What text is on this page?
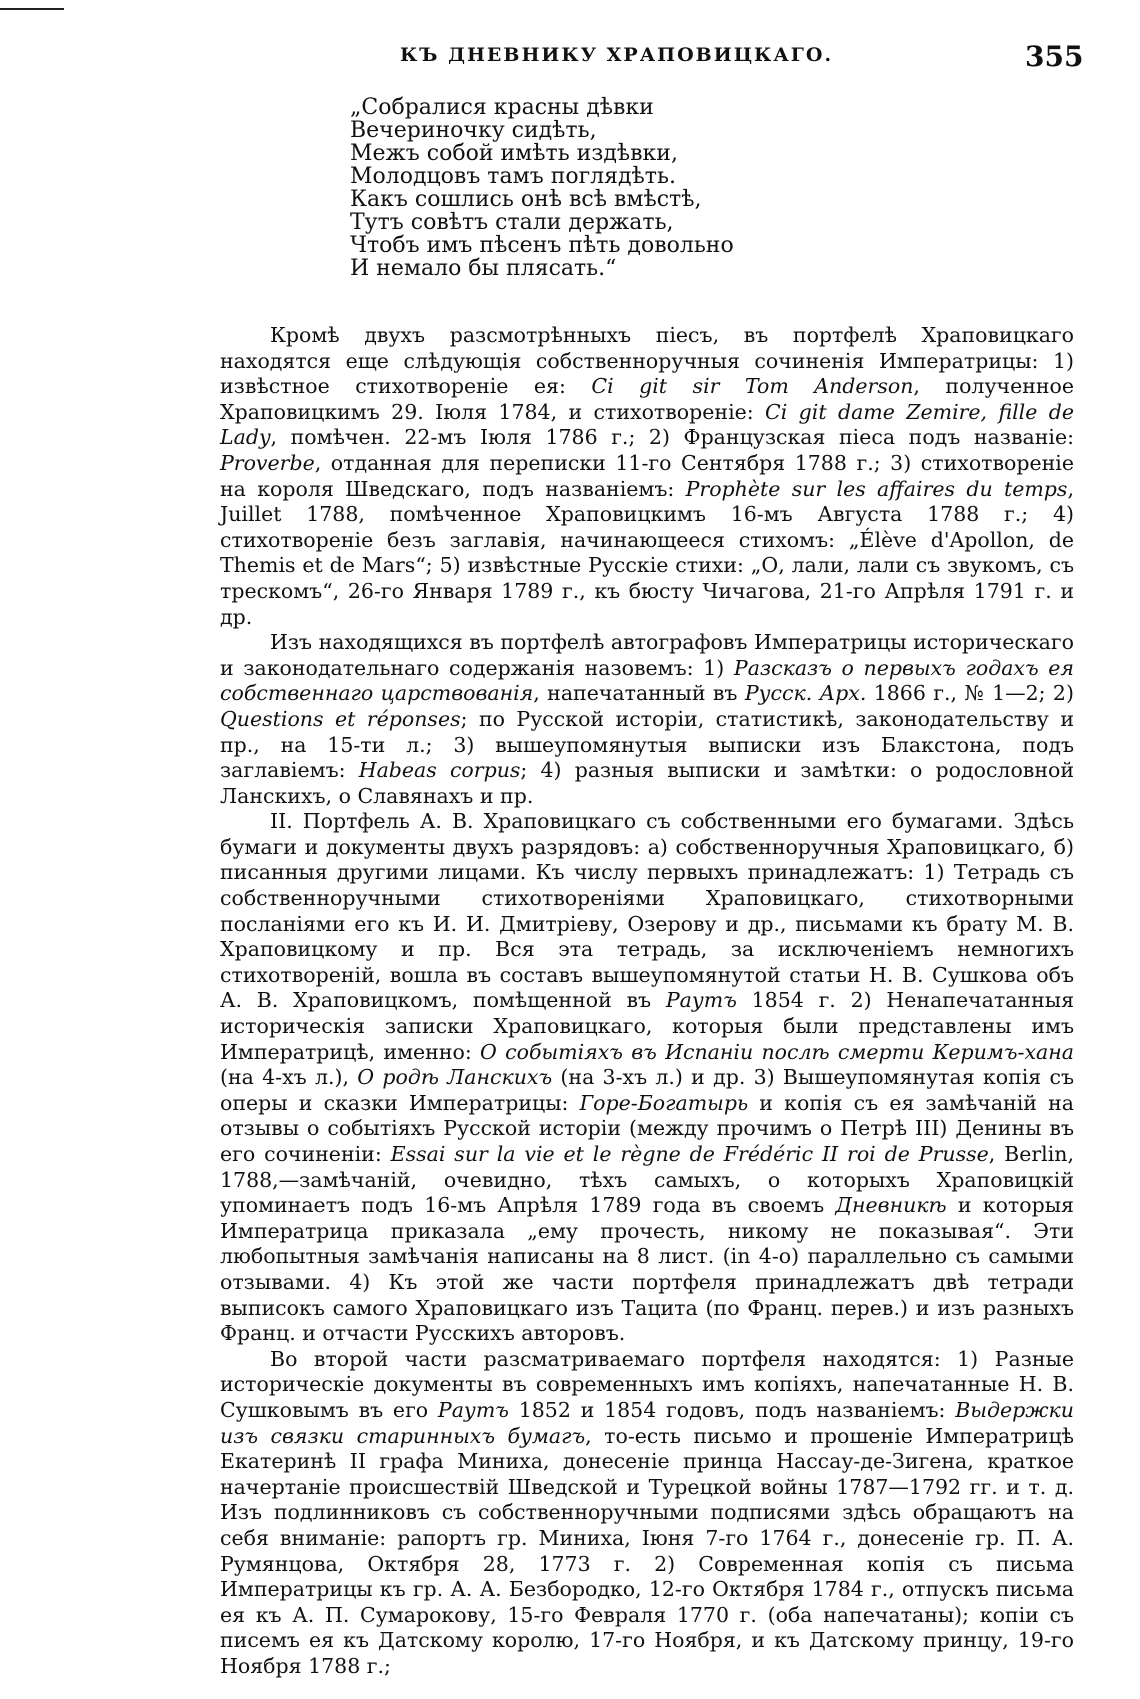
КЪ ДНЕВНИКУ ХРАПОВИЦКАГО.	355
„Собралися красны дѣвки
Вечериночку сидѣть,
Межъ собой имѣть издѣвки,
Молодцовъ тамъ поглядѣть.
Какъ сошлись онѣ всѣ вмѣстѣ,
Тутъ совѣтъ стали держать,
Чтобъ имъ пѣсенъ пѣть довольно
И немало бы плясать.“

Кромѣ двухъ разсмотрѣнныхъ піесъ, въ портфелѣ Храповицкаго находятся еще слѣдующія собственноручныя сочиненія Императрицы: 1) извѣстное стихотвореніе ея: Ci git sir Tom Anderson, полученное Храповицкимъ 29. Іюля 1784, и стихотвореніе: Ci git dame Zemire, fille de Lady, помѣчен. 22-мъ Іюля 1786 г.; 2) Французская піеса подъ названіе: Proverbe, отданная для переписки 11-го Сентября 1788 г.; 3) стихотвореніе на короля Шведскаго, подъ названіемъ: Prophète sur les affaires du temps, Juillet 1788, помѣченное Храповицкимъ 16-мъ Августа 1788 г.; 4) стихотвореніе безъ заглавія, начинающееся стихомъ: „Élève d'Apollon, de Themis et de Mars“; 5) извѣстные Русскіе стихи: „О, лали, лали съ звукомъ, съ трескомъ“, 26-го Января 1789 г., къ бюсту Чичагова, 21-го Апрѣля 1791 г. и др.

Изъ находящихся въ портфелѣ автографовъ Императрицы историческаго и законодательнаго содержанія назовемъ: 1) Разсказъ о первыхъ годахъ ея собственнаго царствованія, напечатанный въ Русск. Арх. 1866 г., № 1—2; 2) Questions et réponses; по Русской исторіи, статистикѣ, законодательству и пр., на 15-ти л.; 3) вышеупомянутыя выписки изъ Блакстона, подъ заглавіемъ: Habeas corpus; 4) разныя выписки и замѣтки: о родословной Ланскихъ, о Славянахъ и пр.

II. Портфель А. В. Храповицкаго съ собственными его бумагами. Здѣсь бумаги и документы двухъ разрядовъ: а) собственноручныя Храповицкаго, б) писанныя другими лицами. Къ числу первыхъ принадлежатъ: 1) Тетрадь съ собственноручными стихотвореніями Храповицкаго, стихотворными посланіями его къ И. И. Дмитріеву, Озерову и др., письмами къ брату М. В. Храповицкому и пр. Вся эта тетрадь, за исключеніемъ немногихъ стихотвореній, вошла въ составъ вышеупомянутой статьи Н. В. Сушкова объ А. В. Храповицкомъ, помѣщенной въ Раутъ 1854 г. 2) Ненапечатанныя историческія записки Храповицкаго, которыя были представлены имъ Императрицѣ, именно: О событіяхъ въ Испаніи послѣ смерти Керимъ-хана (на 4-хъ л.), О родѣ Ланскихъ (на 3-хъ л.) и др. 3) Вышеупомянутая копія съ оперы и сказки Императрицы: Горе-Богатырь и копія съ ея замѣчаній на отзывы о событіяхъ Русской исторіи (между прочимъ о Петрѣ III) Денины въ его сочиненіи: Essai sur la vie et le règne de Frédéric II roi de Prusse, Berlin, 1788,—замѣчаній, очевидно, тѣхъ самыхъ, о которыхъ Храповицкій упоминаетъ подъ 16-мъ Апрѣля 1789 года въ своемъ Дневникѣ и которыя Императрица приказала „ему прочесть, никому не показывая“. Эти любопытныя замѣчанія написаны на 8 лист. (in 4-о) параллельно съ самыми отзывами. 4) Къ этой же части портфеля принадлежатъ двѣ тетради выписокъ самого Храповицкаго изъ Тацита (по Франц. перев.) и изъ разныхъ Франц. и отчасти Русскихъ авторовъ.

Во второй части разсматриваемаго портфеля находятся: 1) Разные историческіе документы въ современныхъ имъ копіяхъ, напечатанные Н. В. Сушковымъ въ его Раутъ 1852 и 1854 годовъ, подъ названіемъ: Выдержки изъ связки старинныхъ бумагъ, то-есть письмо и прошеніе Императрицѣ Екатеринѣ II графа Миниха, донесеніе принца Нассау-де-Зигена, краткое начертаніе происшествій Шведской и Турецкой войны 1787—1792 гг. и т. д. Изъ подлинниковъ съ собственноручными подписями здѣсь обращаютъ на себя вниманіе: рапортъ гр. Миниха, Іюня 7-го 1764 г., донесеніе гр. П. А. Румянцова, Октября 28, 1773 г. 2) Современная копія съ письма Императрицы къ гр. А. А. Безбородко, 12-го Октября 1784 г., отпускъ письма ея къ А. П. Сумарокову, 15-го Февраля 1770 г. (оба напечатаны); копіи съ писемъ ея къ Датскому королю, 17-го Ноября, и къ Датскому принцу, 19-го Ноября 1788 г.;
